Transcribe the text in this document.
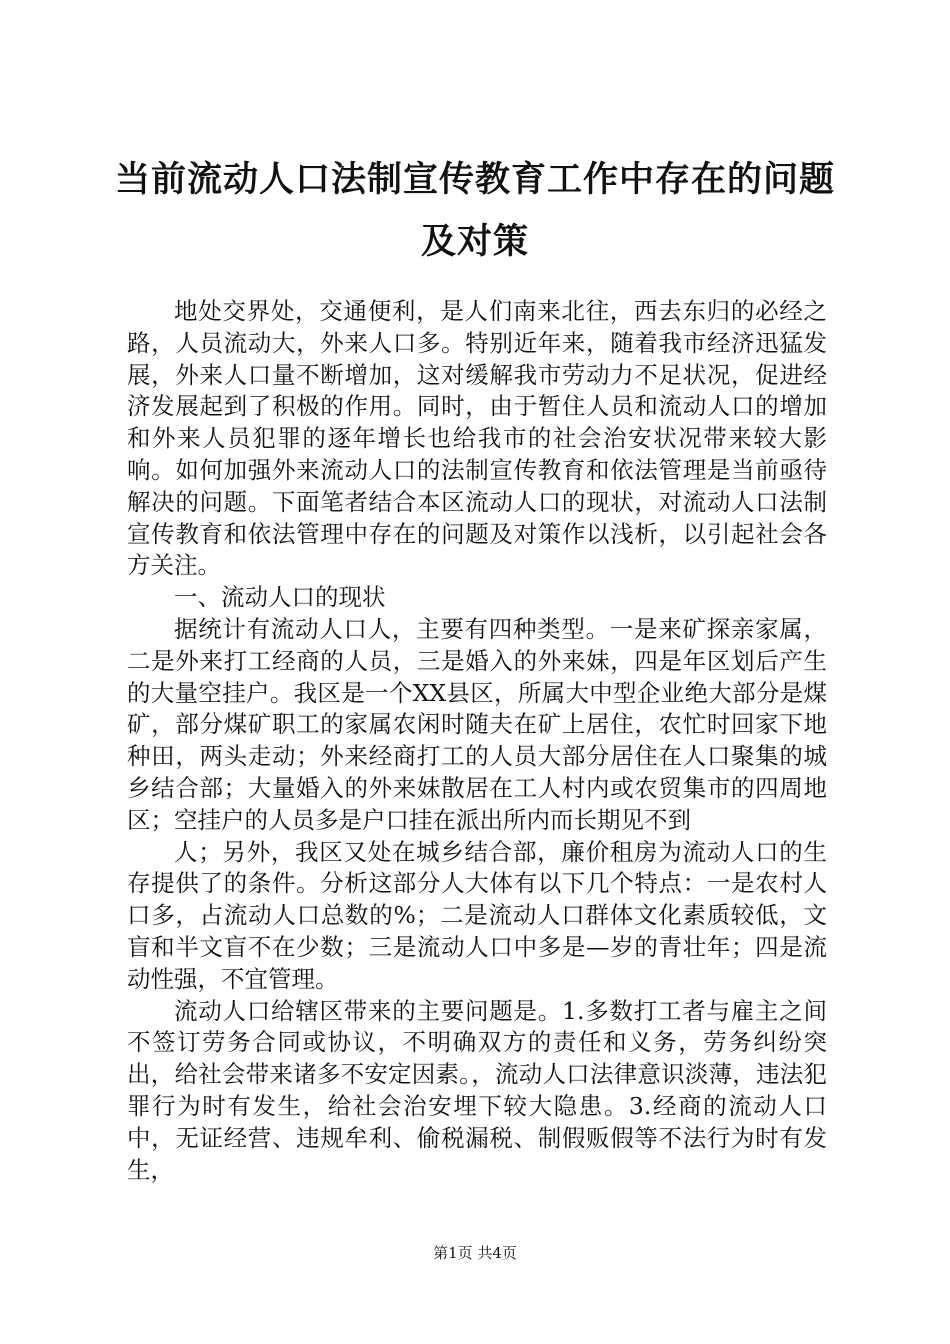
当前流动人口法制宣传教育工作中存在的问题
及对策

地处交界处，交通便利，是人们南来北往，西去东归的必经之路，人员流动大，外来人口多。特别近年来，随着我市经济迅猛发展，外来人口量不断增加，这对缓解我市劳动力不足状况，促进经济发展起到了积极的作用。同时，由于暂住人员和流动人口的增加和外来人员犯罪的逐年增长也给我市的社会治安状况带来较大影响。如何加强外来流动人口的法制宣传教育和依法管理是当前亟待解决的问题。下面笔者结合本区流动人口的现状，对流动人口法制宣传教育和依法管理中存在的问题及对策作以浅析，以引起社会各方关注。

一、流动人口的现状

据统计有流动人口人，主要有四种类型。一是来矿探亲家属，二是外来打工经商的人员，三是婚入的外来妹，四是年区划后产生的大量空挂户。我区是一个XX县区，所属大中型企业绝大部分是煤矿，部分煤矿职工的家属农闲时随夫在矿上居住，农忙时回家下地种田，两头走动；外来经商打工的人员大部分居住在人口聚集的城乡结合部；大量婚入的外来妹散居在工人村内或农贸集市的四周地区；空挂户的人员多是户口挂在派出所内而长期见不到

人；另外，我区又处在城乡结合部，廉价租房为流动人口的生存提供了的条件。分析这部分人大体有以下几个特点：一是农村人口多，占流动人口总数的%；二是流动人口群体文化素质较低，文盲和半文盲不在少数；三是流动人口中多是—岁的青壮年；四是流动性强，不宜管理。

流动人口给辖区带来的主要问题是。1.多数打工者与雇主之间不签订劳务合同或协议，不明确双方的责任和义务，劳务纠纷突出，给社会带来诸多不安定因素。，流动人口法律意识淡薄，违法犯罪行为时有发生，给社会治安埋下较大隐患。3.经商的流动人口中，无证经营、违规牟利、偷税漏税、制假贩假等不法行为时有发生，

第1页 共4页
